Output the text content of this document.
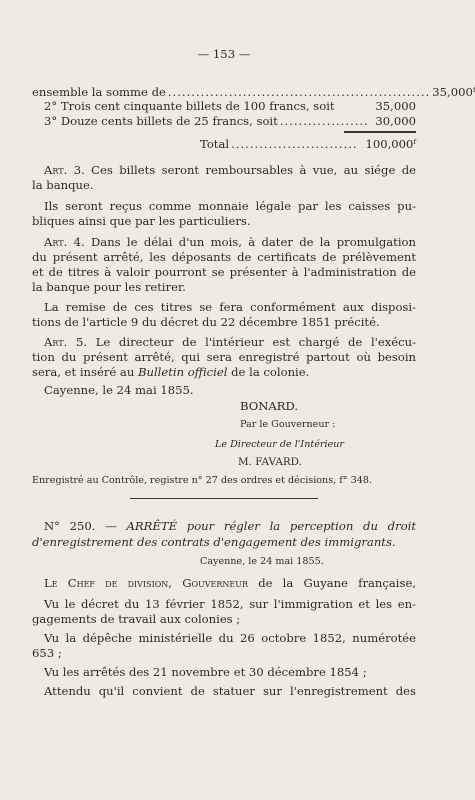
— 153 —
ensemble la somme de ........................................................ 35,000ᶠ
2° Trois cent cinquante billets de 100 francs, soit	35,000
3° Douze cents billets de 25 francs, soit ................... 30,000
Total ........................... 100,000ᶠ
Art. 3. Ces billets seront remboursables à vue, au siége de
la banque.
Ils seront reçus comme monnaie légale par les caisses pu-
bliques ainsi que par les particuliers.
Art. 4. Dans le délai d'un mois, à dater de la promulgation
du présent arrêté, les déposants de certificats de prélèvement
et de titres à valoir pourront se présenter à l'administration de
la banque pour les retirer.
La remise de ces titres se fera conformément aux disposi-
tions de l'article 9 du décret du 22 décembre 1851 précité.
Art. 5. Le directeur de l'intérieur est chargé de l'exécu-
tion du présent arrêté, qui sera enregistré partout où besoin
sera, et inséré au Bulletin officiel de la colonie.
Cayenne, le 24 mai 1855.
BONARD.
Par le Gouverneur :
Le Directeur de l'Intérieur
M. FAVARD.
Enregistré au Contrôle, registre n° 27 des ordres et décisions, f° 348.
N° 250. — ARRÊTÉ pour régler la perception du droit
d'enregistrement des contrats d'engagement des immigrants.
Cayenne, le 24 mai 1855.
Le Chef de division, Gouverneur de la Guyane française,
Vu le décret du 13 février 1852, sur l'immigration et les en-
gagements de travail aux colonies ;
Vu la dépêche ministérielle du 26 octobre 1852, numérotée
653 ;
Vu les arrêtés des 21 novembre et 30 décembre 1854 ;
Attendu qu'il convient de statuer sur l'enregistrement des
